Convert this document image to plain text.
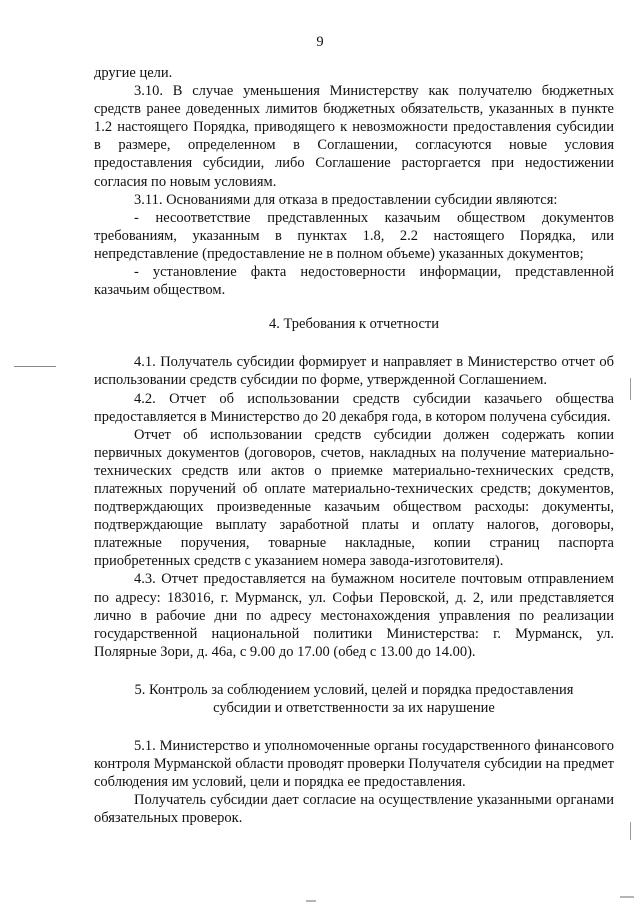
9

другие цели.

3.10. В случае уменьшения Министерству как получателю бюджетных средств ранее доведенных лимитов бюджетных обязательств, указанных в пункте 1.2 настоящего Порядка, приводящего к невозможности предоставления субсидии в размере, определенном в Соглашении, согласуются новые условия предоставления субсидии, либо Соглашение расторгается при недостижении согласия по новым условиям.

3.11. Основаниями для отказа в предоставлении субсидии являются:

- несоответствие представленных казачьим обществом документов требованиям, указанным в пунктах 1.8, 2.2 настоящего Порядка, или непредставление (предоставление не в полном объеме) указанных документов;

- установление факта недостоверности информации, представленной казачьим обществом.

4. Требования к отчетности

4.1. Получатель субсидии формирует и направляет в Министерство отчет об использовании средств субсидии по форме, утвержденной Соглашением.

4.2. Отчет об использовании средств субсидии казачьего общества предоставляется в Министерство до 20 декабря года, в котором получена субсидия.

Отчет об использовании средств субсидии должен содержать копии первичных документов (договоров, счетов, накладных на получение материально-технических средств или актов о приемке материально-технических средств, платежных поручений об оплате материально-технических средств; документов, подтверждающих произведенные казачьим обществом расходы: документы, подтверждающие выплату заработной платы и оплату налогов, договоры, платежные поручения, товарные накладные, копии страниц паспорта приобретенных средств с указанием номера завода-изготовителя).

4.3. Отчет предоставляется на бумажном носителе почтовым отправлением по адресу: 183016, г. Мурманск, ул. Софьи Перовской, д. 2, или представляется лично в рабочие дни по адресу местонахождения управления по реализации государственной национальной политики Министерства: г. Мурманск, ул. Полярные Зори, д. 46а, с 9.00 до 17.00 (обед с 13.00 до 14.00).

5. Контроль за соблюдением условий, целей и порядка предоставления

субсидии и ответственности за их нарушение

5.1. Министерство и уполномоченные органы государственного финансового контроля Мурманской области проводят проверки Получателя субсидии на предмет соблюдения им условий, цели и порядка ее предоставления.

Получатель субсидии дает согласие на осуществление указанными органами обязательных проверок.
